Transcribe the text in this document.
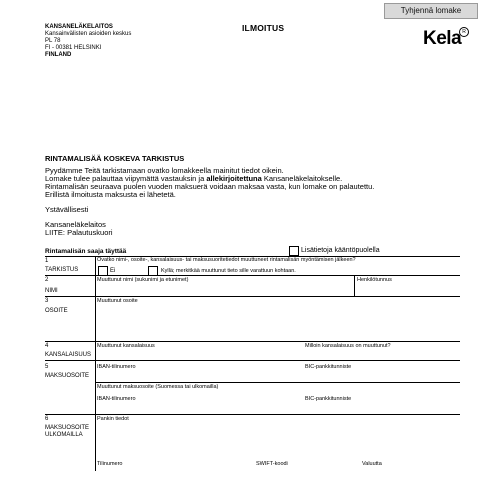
Tyhjennä lomake
KANSANELÄKELAITOS
Kansainvälisten asioiden keskus
PL 78
FI - 00381 HELSINKI
FINLAND
ILMOITUS	Kela R
RINTAMALISÄÄ KOSKEVA TARKISTUS
Pyydämme Teitä tarkistamaan ovatko lomakkeella mainitut tiedot oikein.
Lomake tulee palauttaa viipymättä vastauksin ja allekirjoitettuna Kansaneläkelaitokselle.
Rintamalisän seuraava puolen vuoden maksuerä voidaan maksaa vasta, kun lomake on palautettu.
Erillistä ilmoitusta maksusta ei lähetetä.
Ystävällisesti
Kansaneläkelaitos
LIITE: Palautuskuori
Rintamalisän saaja täyttää	Lisätietoja kääntöpuolella
1
TARKISTUS
Ovatko nimi-, osoite-, kansalaisuus- tai maksusuoritetiedot muuttuneet rintamalisän myöntämisen jälkeen?
Ei	Kyllä; merkitkää muuttunut tieto sille varattuun kohtaan.
2
NIMI
Muuttunut nimi (sukunimi ja etunimet)	Henkilötunnus
3
OSOITE
Muuttunut osoite
4
KANSALAISUUS
Muuttunut kansalaisuus	Milloin kansalaisuus on muuttunut?
5
MAKSUOSOITE
IBAN-tilinumero	BIC-pankkitunniste
Muuttunut maksuosoite (Suomessa tai ulkomailla)
IBAN-tilinumero	BIC-pankkitunniste
6
MAKSUOSOITE ULKOMAILLA
Pankin tiedot
Tilinumero	SWIFT-koodi	Valuutta
